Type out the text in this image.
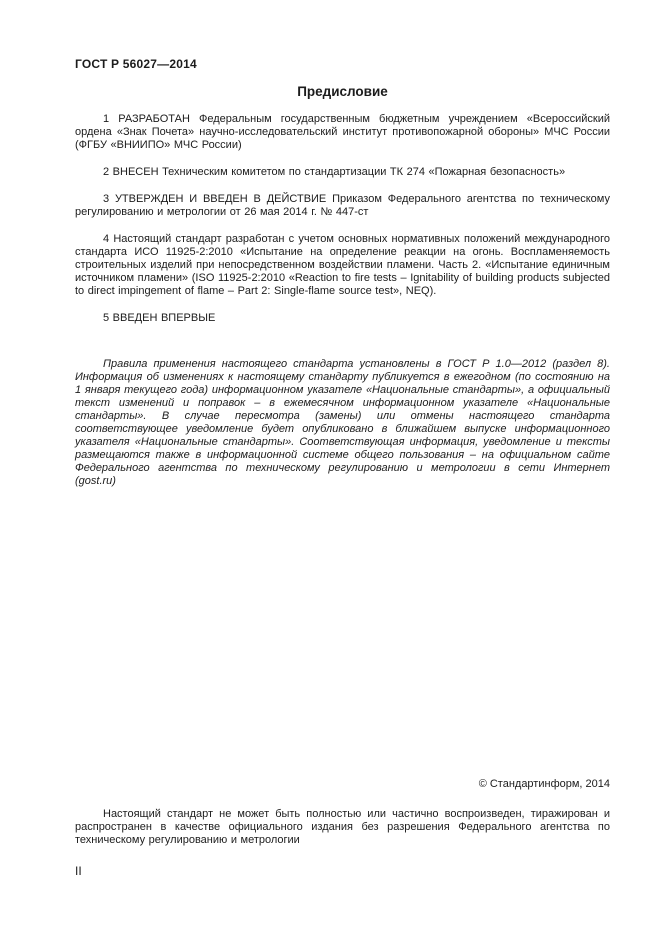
ГОСТ Р 56027—2014
Предисловие

1 РАЗРАБОТАН Федеральным государственным бюджетным учреждением «Всероссийский ордена «Знак Почета» научно-исследовательский институт противопожарной обороны» МЧС России (ФГБУ «ВНИИПО» МЧС России)

2 ВНЕСЕН Техническим комитетом по стандартизации ТК 274 «Пожарная безопасность»

3 УТВЕРЖДЕН И ВВЕДЕН В ДЕЙСТВИЕ Приказом Федерального агентства по техническому регулированию и метрологии от 26 мая 2014 г. № 447-ст

4 Настоящий стандарт разработан с учетом основных нормативных положений международного стандарта ИСО 11925-2:2010 «Испытание на определение реакции на огонь. Воспламеняемость строительных изделий при непосредственном воздействии пламени. Часть 2. «Испытание единичным источником пламени» (ISO 11925-2:2010 «Reaction to fire tests – Ignitability of building products subjected to direct impingement of flame – Part 2: Single-flame source test», NEQ).

5 ВВЕДЕН ВПЕРВЫЕ

Правила применения настоящего стандарта установлены в ГОСТ Р 1.0—2012 (раздел 8). Информация об изменениях к настоящему стандарту публикуется в ежегодном (по состоянию на 1 января текущего года) информационном указателе «Национальные стандарты», а официальный текст изменений и поправок – в ежемесячном информационном указателе «Национальные стандарты». В случае пересмотра (замены) или отмены настоящего стандарта соответствующее уведомление будет опубликовано в ближайшем выпуске информационного указателя «Национальные стандарты». Соответствующая информация, уведомление и тексты размещаются также в информационной системе общего пользования – на официальном сайте Федерального агентства по техническому регулированию и метрологии в сети Интернет (gost.ru)

© Стандартинформ, 2014

Настоящий стандарт не может быть полностью или частично воспроизведен, тиражирован и распространен в качестве официального издания без разрешения Федерального агентства по техническому регулированию и метрологии

II
